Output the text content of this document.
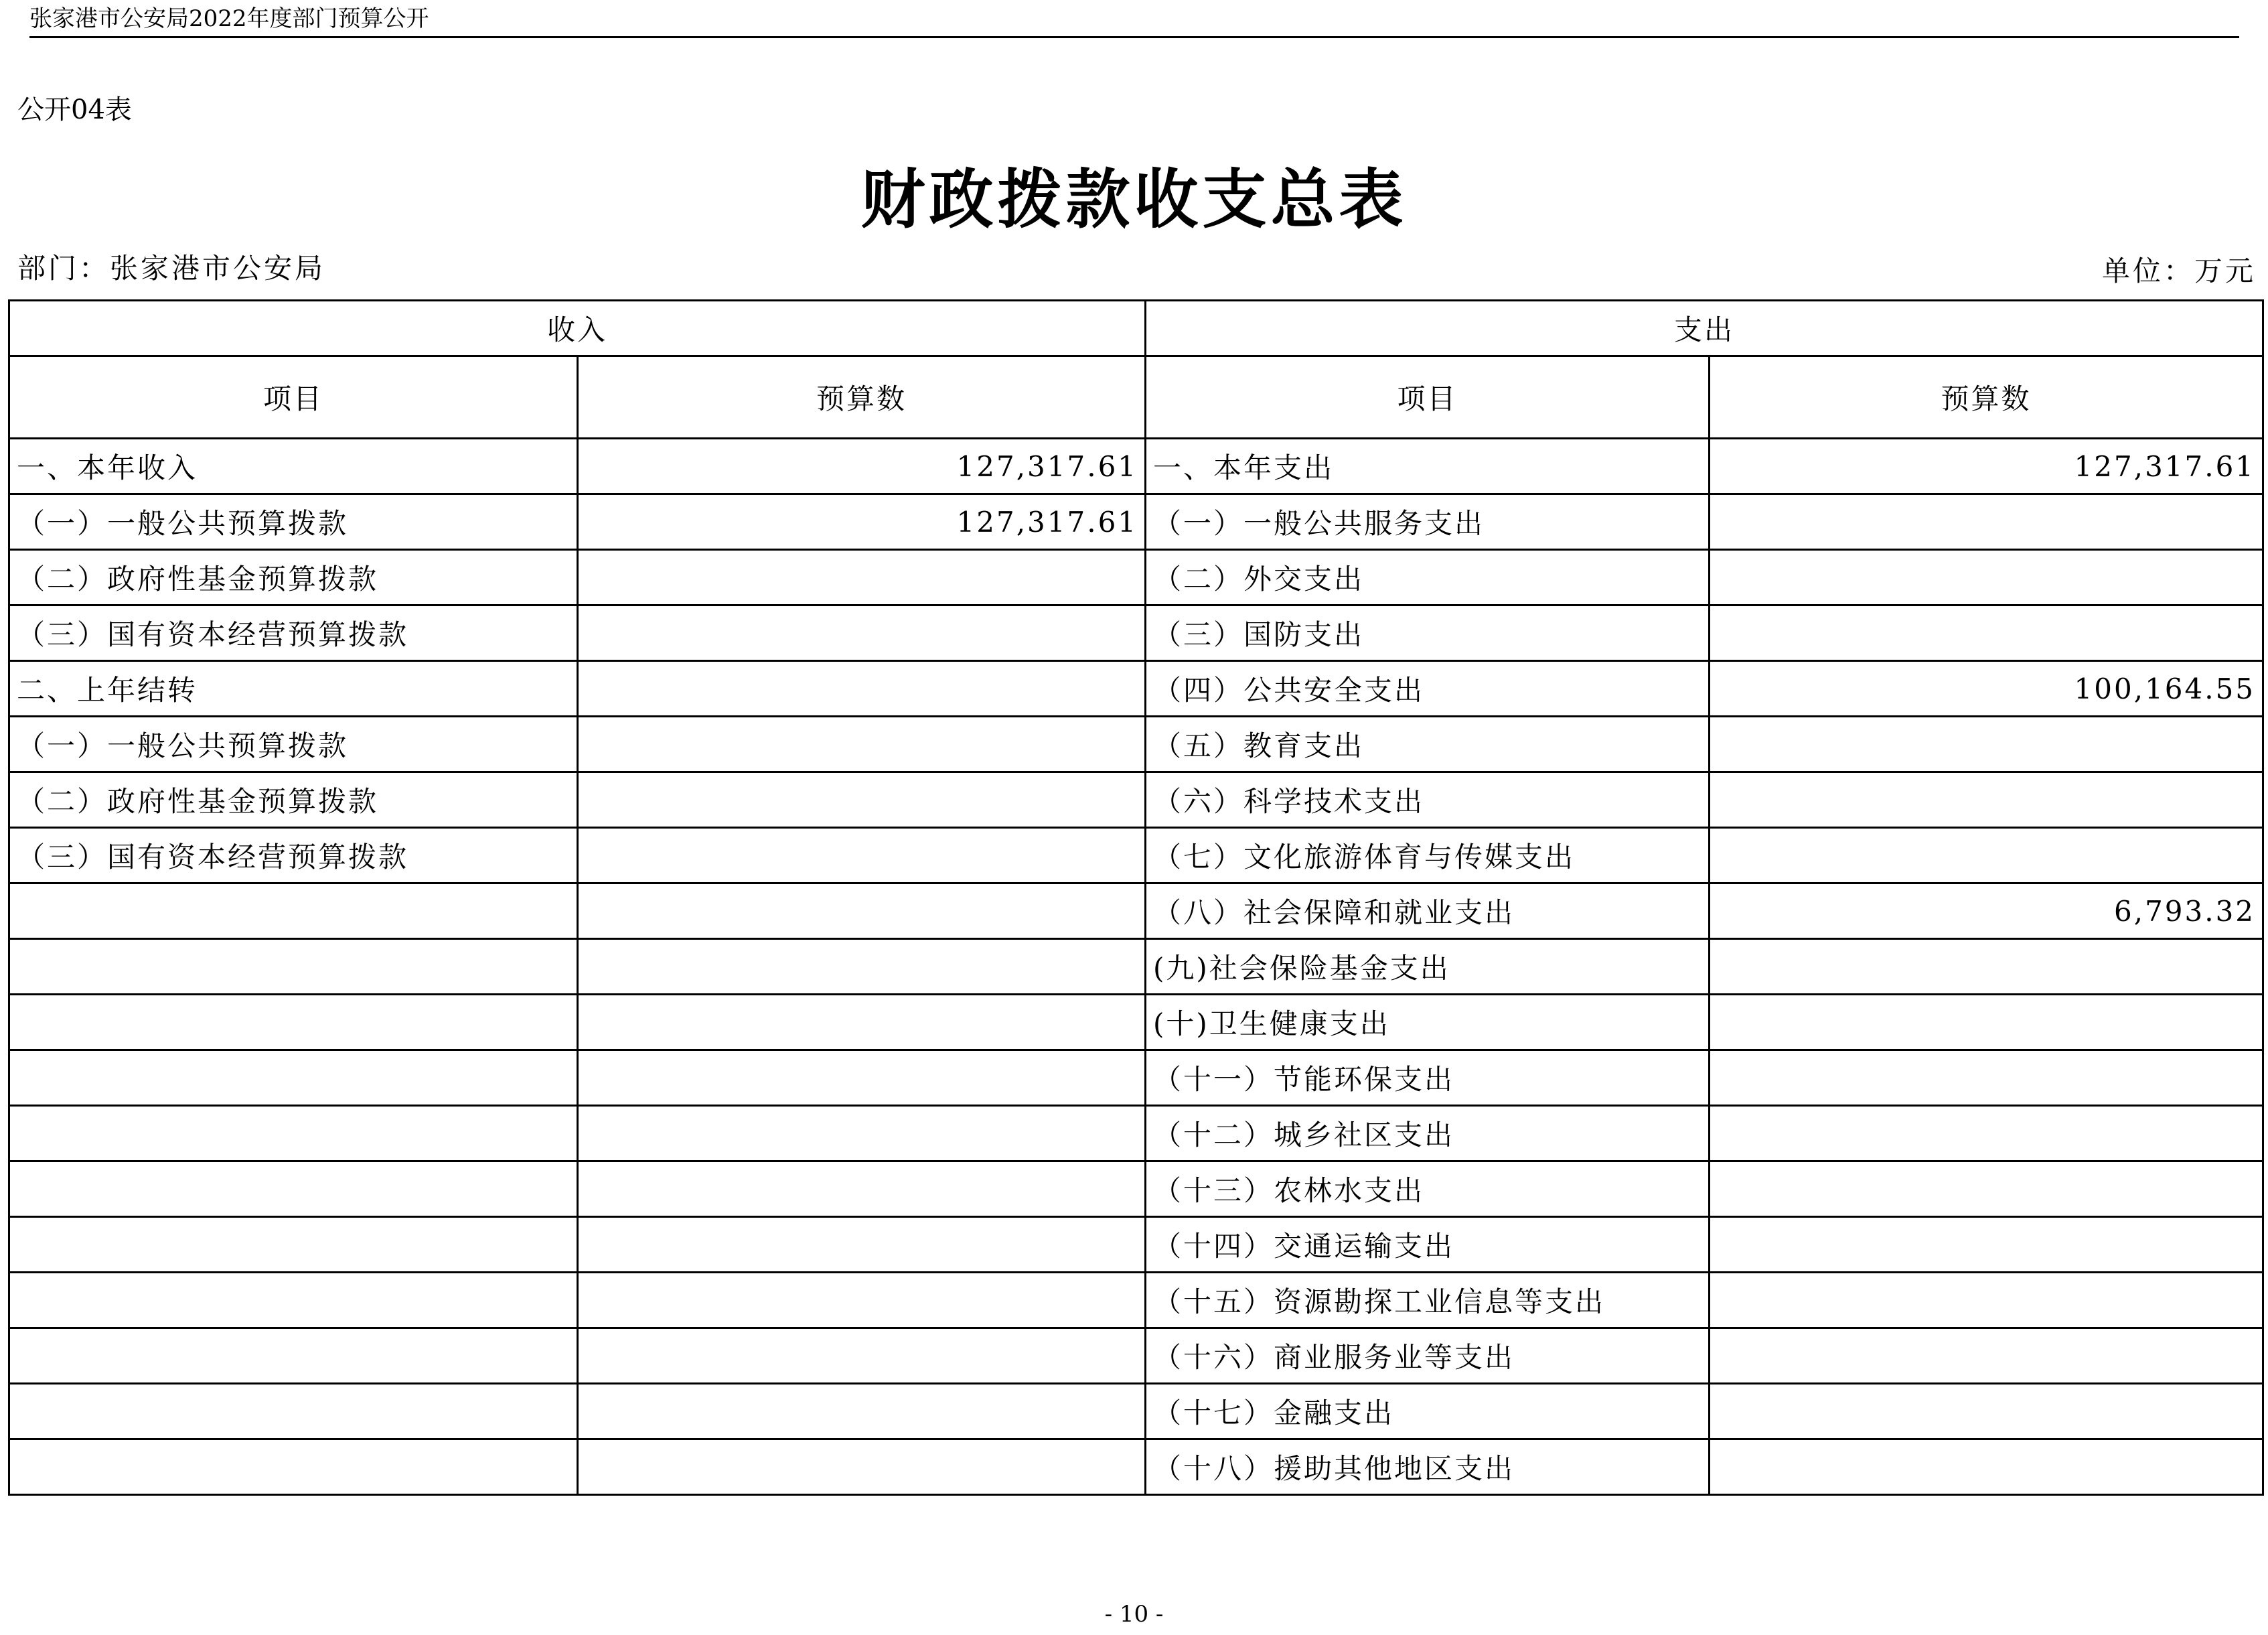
张家港市公安局2022年度部门预算公开
公开04表
财政拨款收支总表
部门：张家港市公安局	单位：万元
收入		支出	
项目	预算数	项目	预算数
一、本年收入	127,317.61	一、本年支出	127,317.61
（一）一般公共预算拨款	127,317.61	（一）一般公共服务支出	
（二）政府性基金预算拨款		（二）外交支出	
（三）国有资本经营预算拨款		（三）国防支出	
二、上年结转		（四）公共安全支出	100,164.55
（一）一般公共预算拨款		（五）教育支出	
（二）政府性基金预算拨款		（六）科学技术支出	
（三）国有资本经营预算拨款		（七）文化旅游体育与传媒支出	
		（八）社会保障和就业支出	6,793.32
		(九)社会保险基金支出	
		(十)卫生健康支出	
		（十一）节能环保支出	
		（十二）城乡社区支出	
		（十三）农林水支出	
		（十四）交通运输支出	
		（十五）资源勘探工业信息等支出	
		（十六）商业服务业等支出	
		（十七）金融支出	
		（十八）援助其他地区支出	
- 10 -
